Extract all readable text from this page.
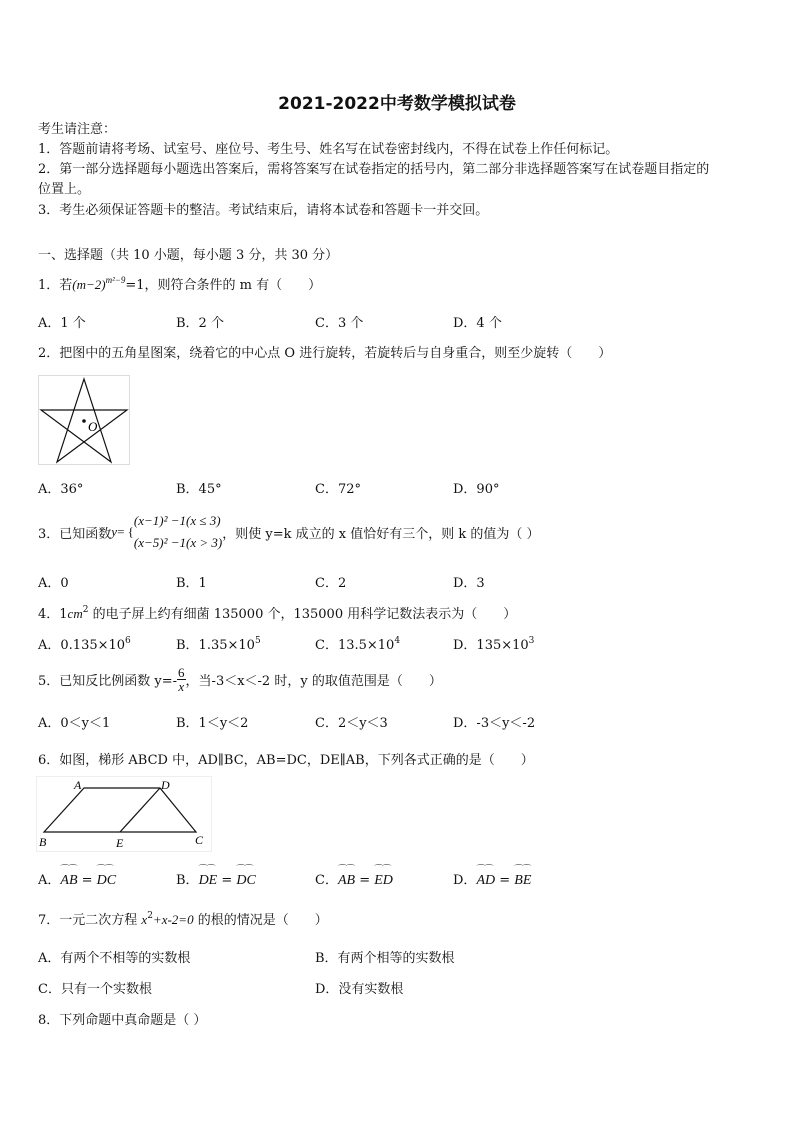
2021-2022中考数学模拟试卷
考生请注意：
1．答题前请将考场、试室号、座位号、考生号、姓名写在试卷密封线内，不得在试卷上作任何标记。
2．第一部分选择题每小题选出答案后，需将答案写在试卷指定的括号内，第二部分非选择题答案写在试卷题目指定的
位置上。
3．考生必须保证答题卡的整洁。考试结束后，请将本试卷和答题卡一并交回。
一、选择题（共 10 小题，每小题 3 分，共 30 分）
1．若$(m-2)^{m^2-9}=1$，则符合条件的 m 有（　　）
A．1 个	B．2 个	C．3 个	D．4 个
2．把图中的五角星图案，绕着它的中心点 O 进行旋转，若旋转后与自身重合，则至少旋转（　　）
O
A．36°	B．45°	C．72°	D．90°
3．已知函数 y = {
(x−1)² −1(x ≤ 3)
(x−5)² −1(x > 3)
，则使 y=k 成立的 x 值恰好有三个，则 k 的值为（ ）
A．0	B．1	C．2	D．3
4．$1cm^2$ 的电子屏上约有细菌 135000 个，135000 用科学记数法表示为（　　）
A．$0.135\times 10^6$	B．$1.35\times 10^5$	C．$13.5\times 10^4$	D．$135\times 10^3$
5．已知反比例函数 $y=- \frac{6}{x}$ ，当-3＜x＜-2 时，y 的取值范围是（　　）
A．0＜y＜1	B．1＜y＜2	C．2＜y＜3	D．-3＜y＜-2
6．如图，梯形 ABCD 中，AD∥BC，AB=DC，DE∥AB，下列各式正确的是（　　）
A	D
B	E	C
A．⌒⌒ AB = ⌒⌒ DC	B．⌒⌒ DE = ⌒⌒ DC	C．⌒⌒ AB = ⌒⌒ ED	D．⌒⌒ AD = ⌒⌒ BE
7．一元二次方程 $x^2+x-2=0$ 的根的情况是（　　）
A．有两个不相等的实数根	B．有两个相等的实数根
C．只有一个实数根	D．没有实数根
8．下列命题中真命题是（ ）
